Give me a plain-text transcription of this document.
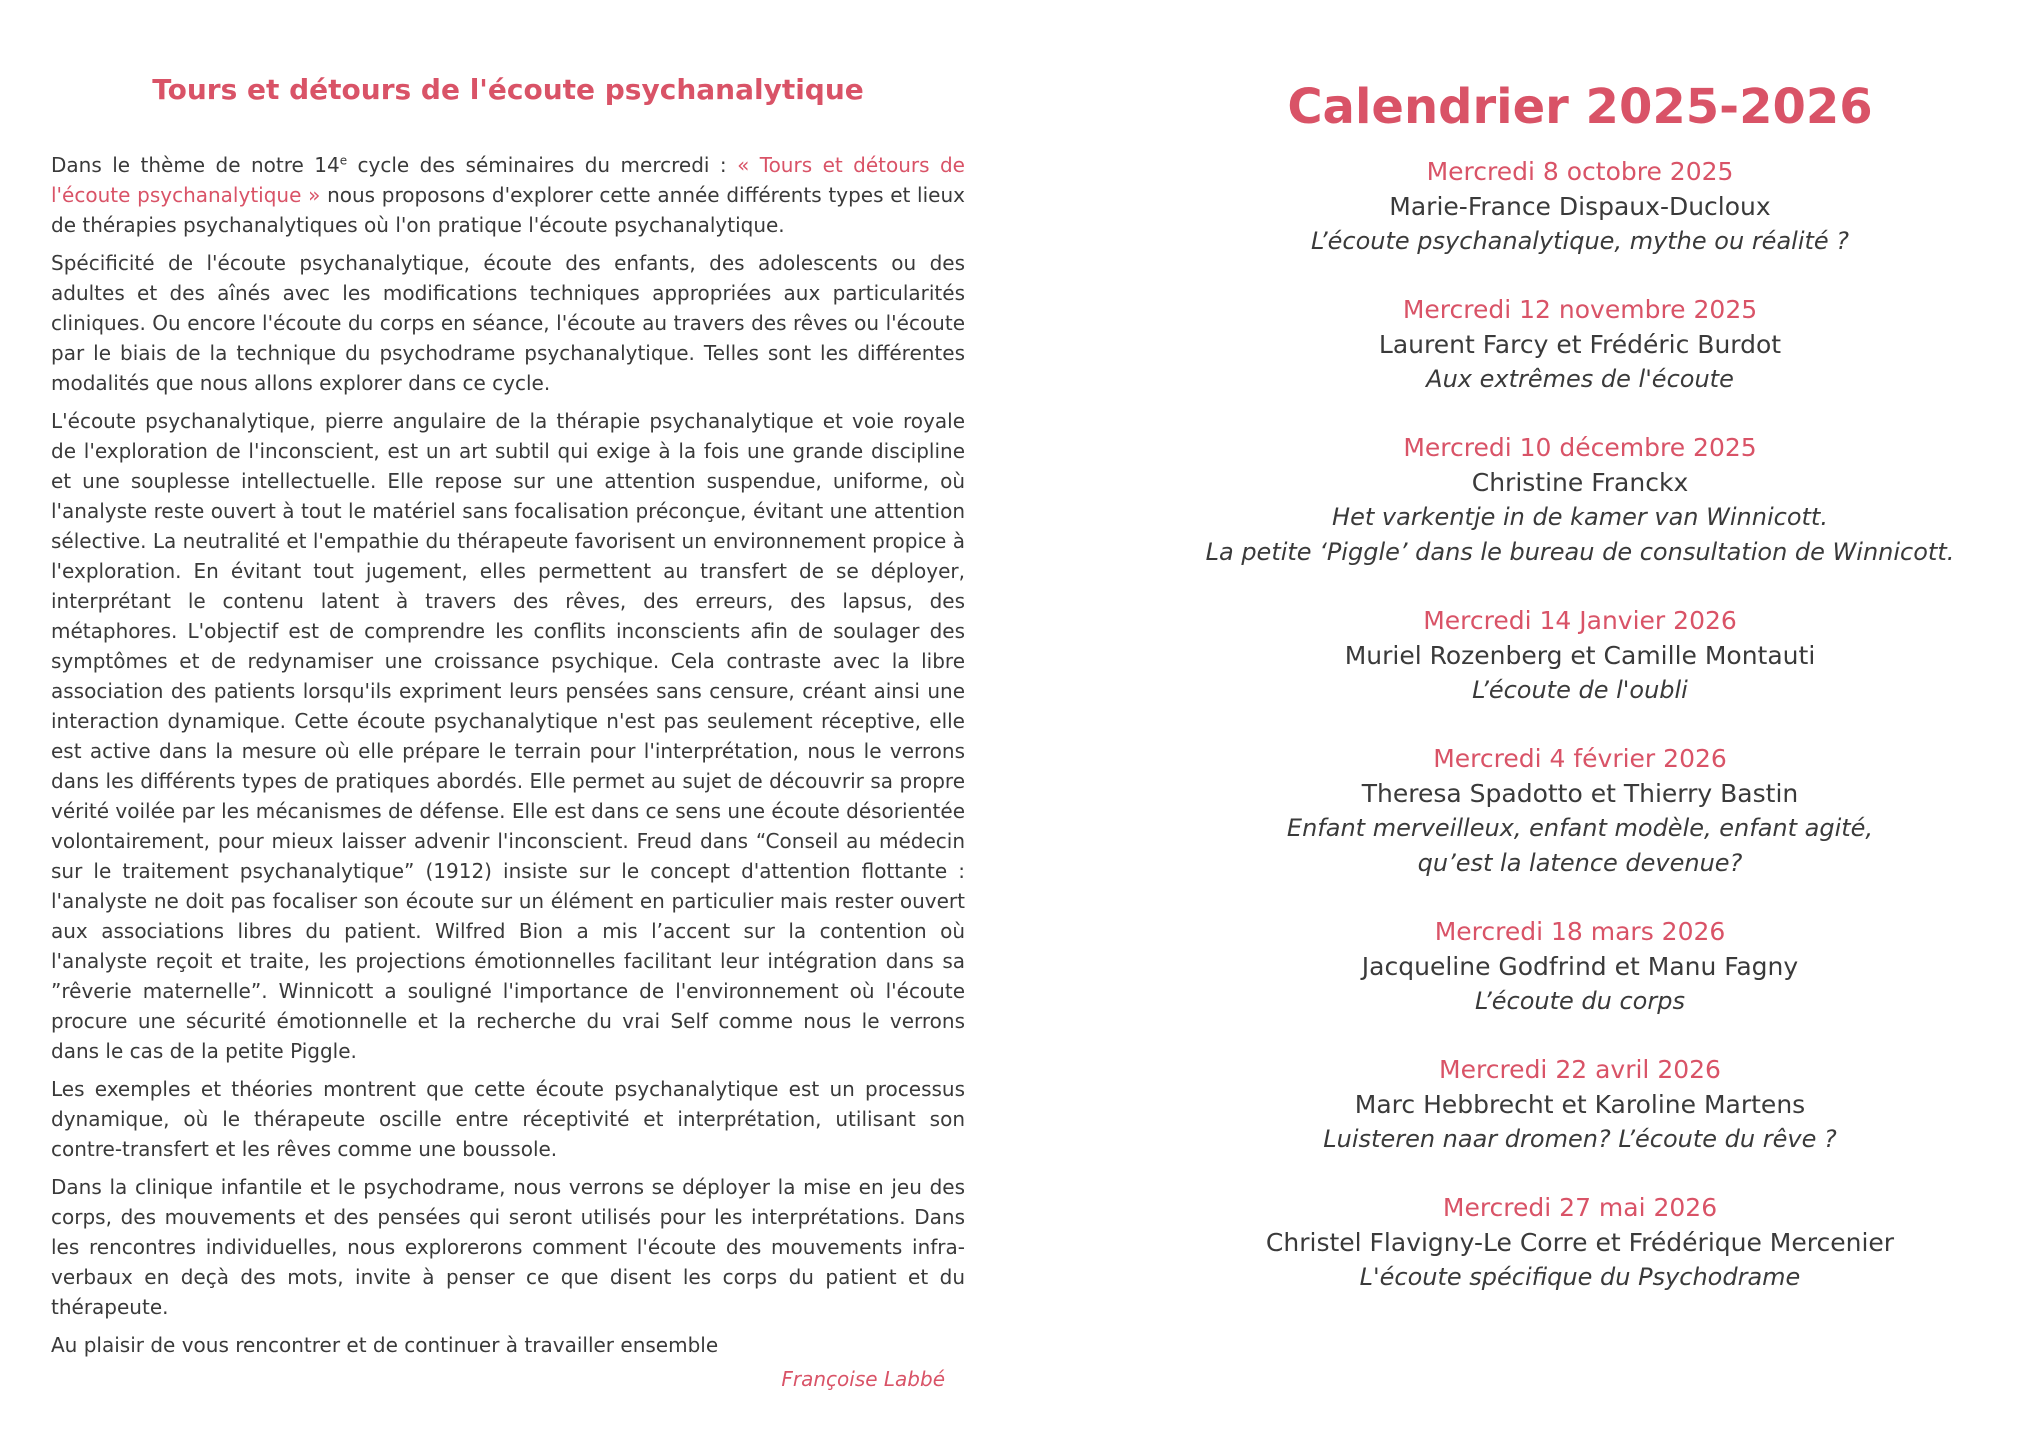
Tours et détours de l'écoute psychanalytique

Dans le thème de notre 14e cycle des séminaires du mercredi : « Tours et détours de l'écoute psychanalytique » nous proposons d'explorer cette année différents types et lieux de thérapies psychanalytiques où l'on pratique l'écoute psychanalytique.

Spécificité de l'écoute psychanalytique, écoute des enfants, des adolescents ou des adultes et des aînés avec les modifications techniques appropriées aux particularités cliniques. Ou encore l'écoute du corps en séance, l'écoute au travers des rêves ou l'écoute par le biais de la technique du psychodrame psychanalytique. Telles sont les différentes modalités que nous allons explorer dans ce cycle.

L'écoute psychanalytique, pierre angulaire de la thérapie psychanalytique et voie royale de l'exploration de l'inconscient, est un art subtil qui exige à la fois une grande discipline et une souplesse intellectuelle. Elle repose sur une attention suspendue, uniforme, où l'analyste reste ouvert à tout le matériel sans focalisation préconçue, évitant une attention sélective. La neutralité et l'empathie du thérapeute favorisent un environnement propice à l'exploration. En évitant tout jugement, elles permettent au transfert de se déployer, interprétant le contenu latent à travers des rêves, des erreurs, des lapsus, des métaphores. L'objectif est de comprendre les conflits inconscients afin de soulager des symptômes et de redynamiser une croissance psychique. Cela contraste avec la libre association des patients lorsqu'ils expriment leurs pensées sans censure, créant ainsi une interaction dynamique. Cette écoute psychanalytique n'est pas seulement réceptive, elle est active dans la mesure où elle prépare le terrain pour l'interprétation, nous le verrons dans les différents types de pratiques abordés. Elle permet au sujet de découvrir sa propre vérité voilée par les mécanismes de défense. Elle est dans ce sens une écoute désorientée volontairement, pour mieux laisser advenir l'inconscient. Freud dans “Conseil au médecin sur le traitement psychanalytique” (1912) insiste sur le concept d'attention flottante : l'analyste ne doit pas focaliser son écoute sur un élément en particulier mais rester ouvert aux associations libres du patient. Wilfred Bion a mis l’accent sur la contention où l'analyste reçoit et traite, les projections émotionnelles facilitant leur intégration dans sa ”rêverie maternelle”. Winnicott a souligné l'importance de l'environnement où l'écoute procure une sécurité émotionnelle et la recherche du vrai Self comme nous le verrons dans le cas de la petite Piggle.

Les exemples et théories montrent que cette écoute psychanalytique est un processus dynamique, où le thérapeute oscille entre réceptivité et interprétation, utilisant son contre-transfert et les rêves comme une boussole.

Dans la clinique infantile et le psychodrame, nous verrons se déployer la mise en jeu des corps, des mouvements et des pensées qui seront utilisés pour les interprétations. Dans les rencontres individuelles, nous explorerons comment l'écoute des mouvements infra-verbaux en deçà des mots, invite à penser ce que disent les corps du patient et du thérapeute.

Au plaisir de vous rencontrer et de continuer à travailler ensemble

Françoise Labbé
Calendrier 2025-2026
Mercredi 8 octobre 2025
Marie-France Dispaux-Ducloux
L’écoute psychanalytique, mythe ou réalité ?
Mercredi 12 novembre 2025
Laurent Farcy et Frédéric Burdot
Aux extrêmes de l'écoute
Mercredi 10 décembre 2025
Christine Franckx
Het varkentje in de kamer van Winnicott.
La petite ‘Piggle’ dans le bureau de consultation de Winnicott.
Mercredi 14 Janvier 2026
Muriel Rozenberg et Camille Montauti
L’écoute de l'oubli
Mercredi 4 février 2026
Theresa Spadotto et Thierry Bastin
Enfant merveilleux, enfant modèle, enfant agité,
qu’est la latence devenue?
Mercredi 18 mars 2026
Jacqueline Godfrind et Manu Fagny
L’écoute du corps
Mercredi 22 avril 2026
Marc Hebbrecht et Karoline Martens
Luisteren naar dromen? L’écoute du rêve ?
Mercredi 27 mai 2026
Christel Flavigny-Le Corre et Frédérique Mercenier
L'écoute spécifique du Psychodrame
